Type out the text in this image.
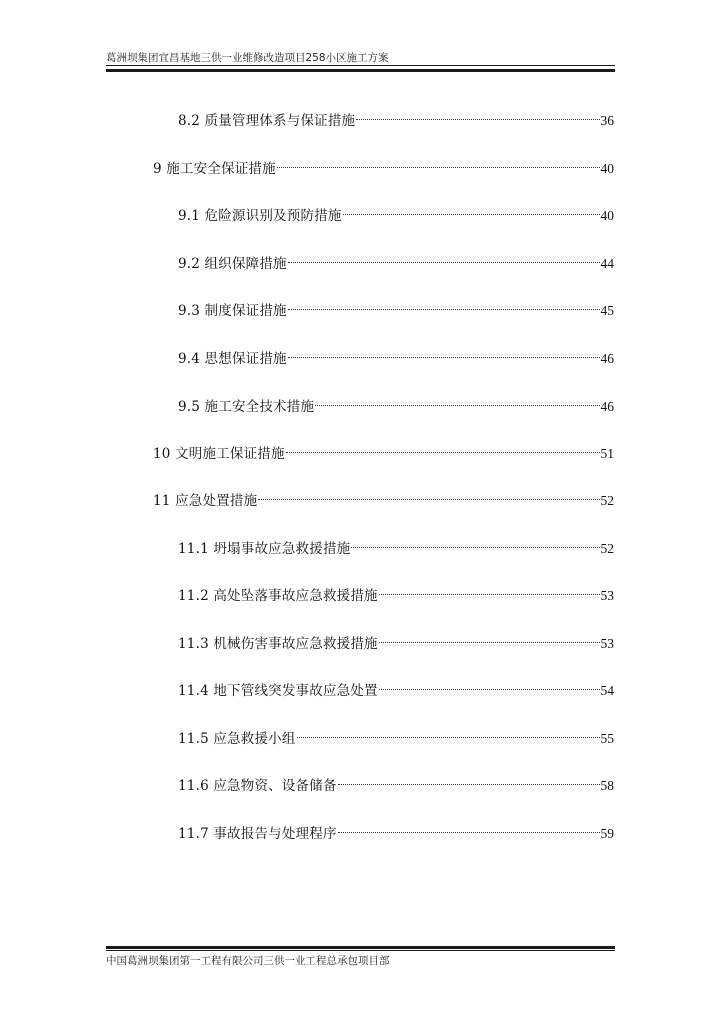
葛洲坝集团宜昌基地三供一业维修改造项目258小区施工方案
8.2 质量管理体系与保证措施	36
9 施工安全保证措施	40
9.1 危险源识别及预防措施	40
9.2 组织保障措施	44
9.3 制度保证措施	45
9.4 思想保证措施	46
9.5 施工安全技术措施	46
10 文明施工保证措施	51
11 应急处置措施	52
11.1 坍塌事故应急救援措施	52
11.2 高处坠落事故应急救援措施	53
11.3 机械伤害事故应急救援措施	53
11.4 地下管线突发事故应急处置	54
11.5 应急救援小组	55
11.6 应急物资、设备储备	58
11.7 事故报告与处理程序	59
中国葛洲坝集团第一工程有限公司三供一业工程总承包项目部
